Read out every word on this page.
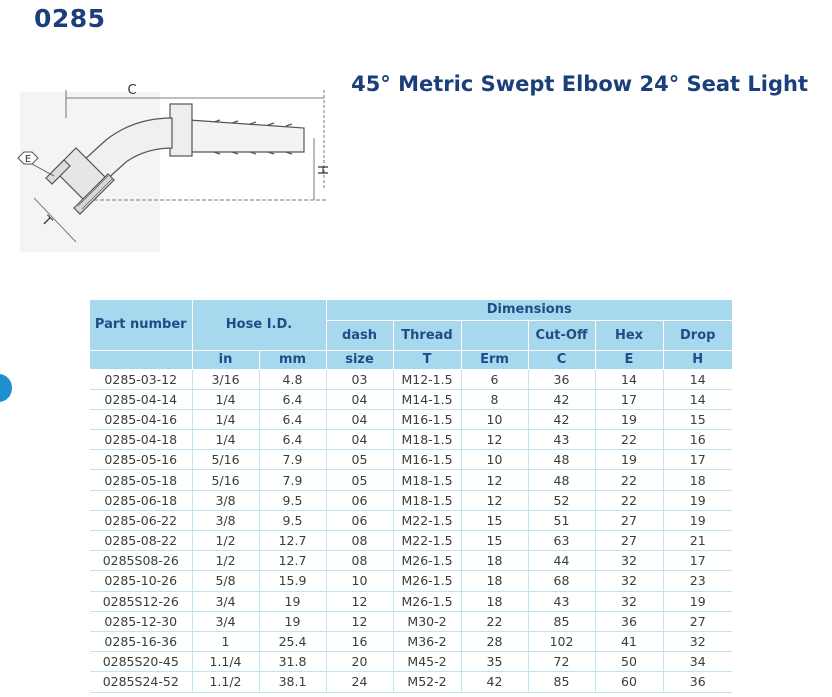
0285
45° Metric Swept Elbow 24° Seat Light
E
C
H
T
Part number	Hose I.D.		Dimensions					
			dash	Thread		Cut-Off	Hex	Drop
	in	mm	size	T	Erm	C	E	H
0285-03-12	3/16	4.8	03	M12-1.5	6	36	14	14
0285-04-14	1/4	6.4	04	M14-1.5	8	42	17	14
0285-04-16	1/4	6.4	04	M16-1.5	10	42	19	15
0285-04-18	1/4	6.4	04	M18-1.5	12	43	22	16
0285-05-16	5/16	7.9	05	M16-1.5	10	48	19	17
0285-05-18	5/16	7.9	05	M18-1.5	12	48	22	18
0285-06-18	3/8	9.5	06	M18-1.5	12	52	22	19
0285-06-22	3/8	9.5	06	M22-1.5	15	51	27	19
0285-08-22	1/2	12.7	08	M22-1.5	15	63	27	21
0285S08-26	1/2	12.7	08	M26-1.5	18	44	32	17
0285-10-26	5/8	15.9	10	M26-1.5	18	68	32	23
0285S12-26	3/4	19	12	M26-1.5	18	43	32	19
0285-12-30	3/4	19	12	M30-2	22	85	36	27
0285-16-36	1	25.4	16	M36-2	28	102	41	32
0285S20-45	1.1/4	31.8	20	M45-2	35	72	50	34
0285S24-52	1.1/2	38.1	24	M52-2	42	85	60	36
